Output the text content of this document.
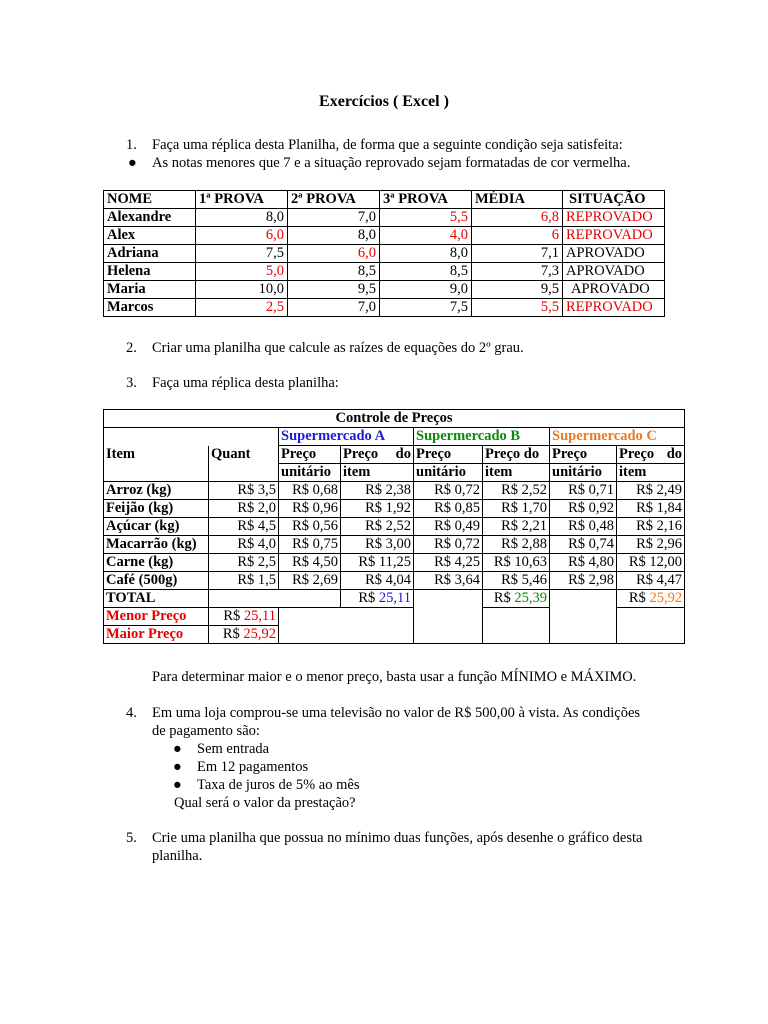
Exercícios ( Excel )
1. Faça uma réplica desta Planilha, de forma que a seguinte condição seja satisfeita:
● As notas menores que 7 e a situação reprovado sejam formatadas de cor vermelha.
NOME	1ª PROVA	2ª PROVA	3ª PROVA	MÉDIA	SITUAÇÃO
Alexandre	8,0	7,0	5,5	6,8	REPROVADO
Alex	6,0	8,0	4,0	6	REPROVADO
Adriana	7,5	6,0	8,0	7,1	APROVADO
Helena	5,0	8,5	8,5	7,3	APROVADO
Maria	10,0	9,5	9,0	9,5	APROVADO
Marcos	2,5	7,0	7,5	5,5	REPROVADO
2. Criar uma planilha que calcule as raízes de equações do 2º grau.
3. Faça uma réplica desta planilha:
Controle de Preços							
		Supermercado A		Supermercado B		Supermercado C	
Item	Quant	Preço	Preço do	Preço	Preço do	Preço	Preço do
		unitário	item	unitário	item	unitário	item
Arroz (kg)	R$ 3,5	R$ 0,68	R$ 2,38	R$ 0,72	R$ 2,52	R$ 0,71	R$ 2,49
Feijão (kg)	R$ 2,0	R$ 0,96	R$ 1,92	R$ 0,85	R$ 1,70	R$ 0,92	R$ 1,84
Açúcar (kg)	R$ 4,5	R$ 0,56	R$ 2,52	R$ 0,49	R$ 2,21	R$ 0,48	R$ 2,16
Macarrão (kg)	R$ 4,0	R$ 0,75	R$ 3,00	R$ 0,72	R$ 2,88	R$ 0,74	R$ 2,96
Carne (kg)	R$ 2,5	R$ 4,50	R$ 11,25	R$ 4,25	R$ 10,63	R$ 4,80	R$ 12,00
Café (500g)	R$ 1,5	R$ 2,69	R$ 4,04	R$ 3,64	R$ 5,46	R$ 2,98	R$ 4,47
TOTAL			R$ 25,11		R$ 25,39		R$ 25,92
Menor Preço	R$ 25,11						
Maior Preço	R$ 25,92						
Para determinar maior e o menor preço, basta usar a função MÍNIMO e MÁXIMO.
4. Em uma loja comprou-se uma televisão no valor de R$ 500,00 à vista. As condições
de pagamento são:
● Sem entrada
● Em 12 pagamentos
● Taxa de juros de 5% ao mês
Qual será o valor da prestação?
5. Crie uma planilha que possua no mínimo duas funções, após desenhe o gráfico desta
planilha.
